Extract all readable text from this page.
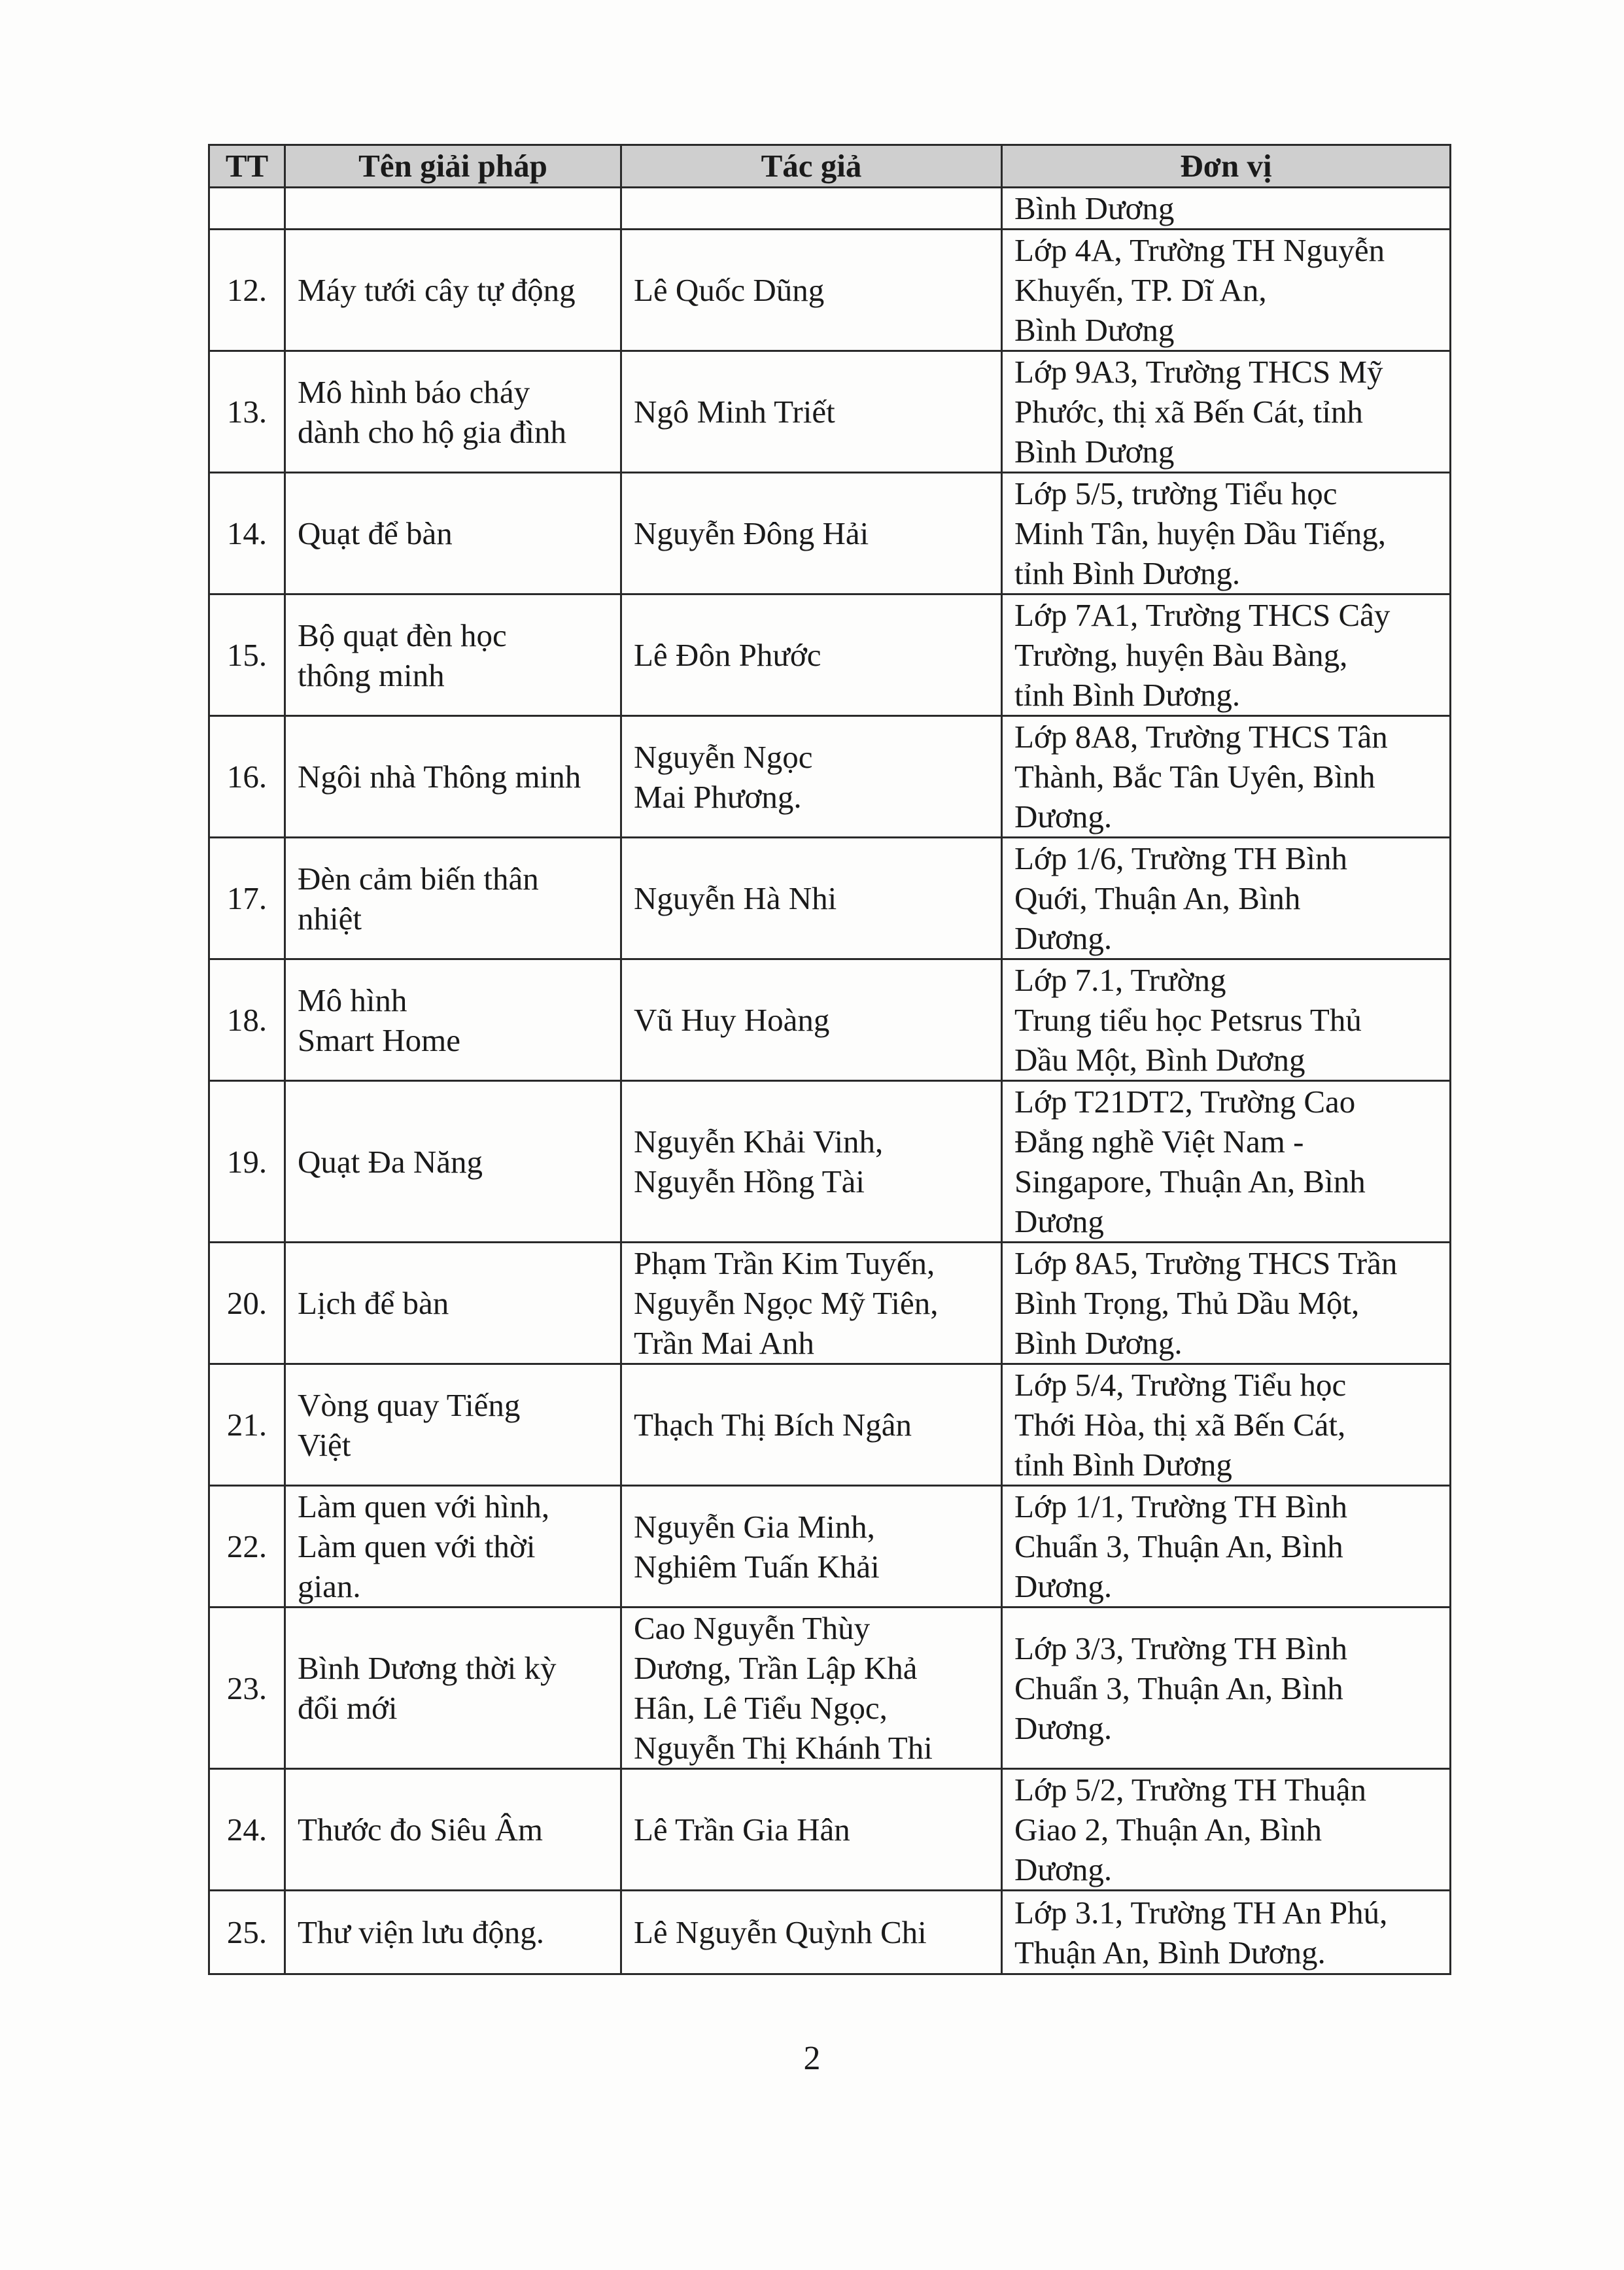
TT	Tên giải pháp	Tác giả	Đơn vị

			Bình Dương

12.	Máy tưới cây tự động	Lê Quốc Dũng	Lớp 4A, Trường TH Nguyễn
Khuyến, TP. Dĩ An,
Bình Dương

13.	Mô hình báo cháy
dành cho hộ gia đình	Ngô Minh Triết	Lớp 9A3, Trường THCS Mỹ
Phước, thị xã Bến Cát, tỉnh
Bình Dương

14.	Quạt để bàn	Nguyễn Đông Hải	Lớp 5/5, trường Tiểu học
Minh Tân, huyện Dầu Tiếng,
tỉnh Bình Dương.

15.	Bộ quạt đèn học
thông minh	Lê Đôn Phước	Lớp 7A1, Trường THCS Cây
Trường, huyện Bàu Bàng,
tỉnh Bình Dương.

16.	Ngôi nhà Thông minh	Nguyễn Ngọc
Mai Phương.	Lớp 8A8, Trường THCS Tân
Thành, Bắc Tân Uyên, Bình
Dương.

17.	Đèn cảm biến thân
nhiệt	Nguyễn Hà Nhi	Lớp 1/6, Trường TH Bình
Quới, Thuận An, Bình
Dương.

18.	Mô hình
Smart Home	Vũ Huy Hoàng	Lớp 7.1, Trường
Trung tiểu học Petsrus Thủ
Dầu Một, Bình Dương

19.	Quạt Đa Năng	Nguyễn Khải Vinh,
Nguyễn Hồng Tài	Lớp T21DT2, Trường Cao
Đẳng nghề Việt Nam -
Singapore, Thuận An, Bình
Dương

20.	Lịch để bàn	Phạm Trần Kim Tuyến,
Nguyễn Ngọc Mỹ Tiên,
Trần Mai Anh	Lớp 8A5, Trường THCS Trần
Bình Trọng, Thủ Dầu Một,
Bình Dương.

21.	Vòng quay Tiếng
Việt	Thạch Thị Bích Ngân	Lớp 5/4, Trường Tiểu học
Thới Hòa, thị xã Bến Cát,
tỉnh Bình Dương

22.	Làm quen với hình,
Làm quen với thời
gian.	Nguyễn Gia Minh,
Nghiêm Tuấn Khải	Lớp 1/1, Trường TH Bình
Chuẩn 3, Thuận An, Bình
Dương.

23.	Bình Dương thời kỳ
đổi mới	Cao Nguyễn Thùy
Dương, Trần Lập Khả
Hân, Lê Tiểu Ngọc,
Nguyễn Thị Khánh Thi	Lớp 3/3, Trường TH Bình
Chuẩn 3, Thuận An, Bình
Dương.

24.	Thước đo Siêu Âm	Lê Trần Gia Hân	Lớp 5/2, Trường TH Thuận
Giao 2, Thuận An, Bình
Dương.

25.	Thư viện lưu động.	Lê Nguyễn Quỳnh Chi	Lớp 3.1, Trường TH An Phú,
Thuận An, Bình Dương.
2
